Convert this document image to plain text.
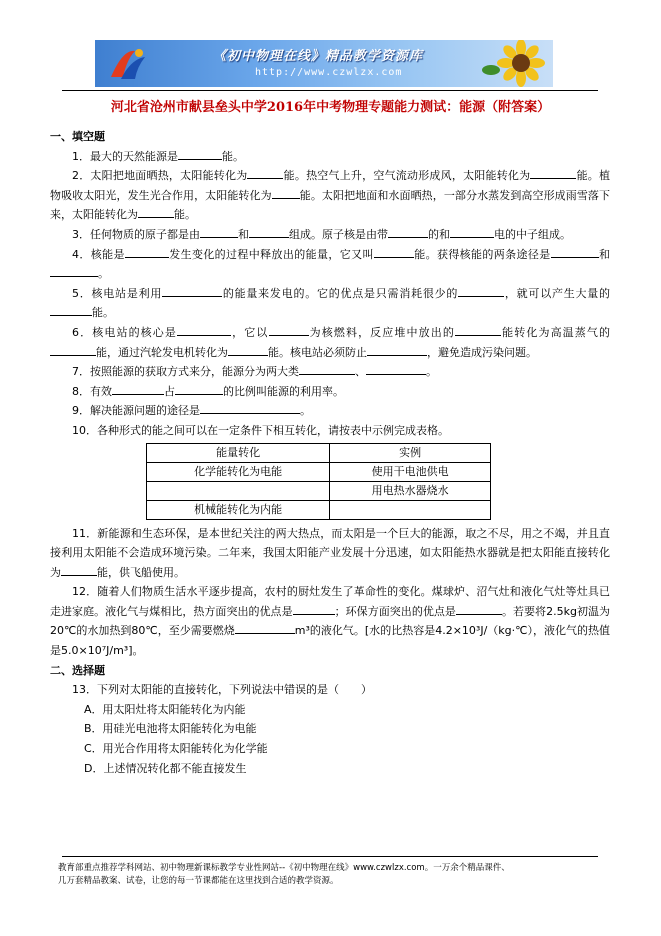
《初中物理在线》精品教学资源库
http://www.czwlzx.com
河北省沧州市献县垒头中学2016年中考物理专题能力测试：能源（附答案）

一、填空题

1．最大的天然能源是	能。

2．太阳把地面晒热，太阳能转化为	能。热空气上升，空气流动形成风，太阳能转化为	能。植物吸收太阳光，发生光合作用，太阳能转化为	能。太阳把地面和水面晒热，一部分水蒸发到高空形成雨雪落下来，太阳能转化为	能。

3．任何物质的原子都是由	和	组成。原子核是由带	的和	电的中子组成。

4．核能是	发生变化的过程中释放出的能量，它又叫	能。获得核能的两条途径是	和。

5．核电站是利用	的能量来发电的。它的优点是只需消耗很少的	，就可以产生大量的能。

6．核电站的核心是	，它以	为核燃料，反应堆中放出的	能转化为高温蒸气的能，通过汽轮发电机转化为	能。核电站必须防止	，避免造成污染问题。

7．按照能源的获取方式来分，能源分为两大类	、	。

8．有效	占	的比例叫能源的利用率。

9．解决能源问题的途径是	。

10．各种形式的能之间可以在一定条件下相互转化，请按表中示例完成表格。

能量转化	实例
化学能转化为电能	使用干电池供电
	用电热水器烧水
机械能转化为内能	

11．新能源和生态环保，是本世纪关注的两大热点，而太阳是一个巨大的能源，取之不尽，用之不竭，并且直接利用太阳能不会造成环境污染。二年来，我国太阳能产业发展十分迅速，如太阳能热水器就是把太阳能直接转化为	能，供飞船使用。

12．随着人们物质生活水平逐步提高，农村的厨灶发生了革命性的变化。煤球炉、沼气灶和液化气灶等灶具已走进家庭。液化气与煤相比，热方面突出的优点是	；环保方面突出的优点是	。若要将2.5kg初温为20℃的水加热到80℃，至少需要燃烧	m³的液化气。[水的比热容是4.2×10³J/（kg·℃），液化气的热值是5.0×10⁷J/m³]。

二、选择题

13．下列对太阳能的直接转化，下列说法中错误的是（　　）

A．用太阳灶将太阳能转化为内能

B．用硅光电池将太阳能转化为电能

C．用光合作用将太阳能转化为化学能

D．上述情况转化都不能直接发生

教育部重点推荐学科网站、初中物理新课标教学专业性网站--《初中物理在线》www.czwlzx.com。一万余个精品课件、
几万套精品教案、试卷，让您的每一节课都能在这里找到合适的教学资源。
